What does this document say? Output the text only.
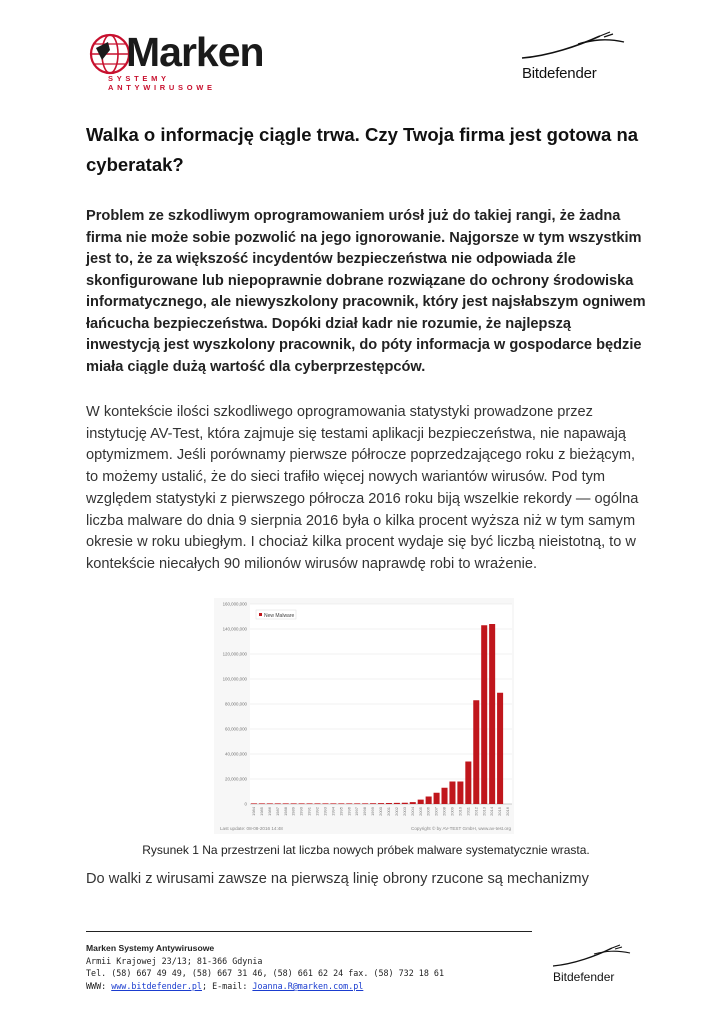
Marken
SYSTEMY ANTYWIRUSOWE
Bitdefender
Walka o informację ciągle trwa. Czy Twoja firma jest gotowa na cyberatak?

Problem ze szkodliwym oprogramowaniem urósł już do takiej rangi, że żadna firma nie może sobie pozwolić na jego ignorowanie. Najgorsze w tym wszystkim jest to, że za większość incydentów bezpieczeństwa nie odpowiada źle skonfigurowane lub niepoprawnie dobrane rozwiązane do ochrony środowiska informatycznego, ale niewyszkolony pracownik, który jest najsłabszym ogniwem łańcucha bezpieczeństwa. Dopóki dział kadr nie rozumie, że najlepszą inwestycją jest wyszkolony pracownik, do póty informacja w gospodarce będzie miała ciągle dużą wartość dla cyberprzestępców.

W kontekście ilości szkodliwego oprogramowania statystyki prowadzone przez instytucję AV-Test, która zajmuje się testami aplikacji bezpieczeństwa, nie napawają optymizmem. Jeśli porównamy pierwsze półrocze poprzedzającego roku z bieżącym, to możemy ustalić, że do sieci trafiło więcej nowych wariantów wirusów. Pod tym względem statystyki z pierwszego półrocza 2016 roku biją wszelkie rekordy — ogólna liczba malware do dnia 9 sierpnia 2016 była o kilka procent wyższa niż w tym samym okresie w roku ubiegłym. I chociaż kilka procent wydaje się być liczbą nieistotną, to w kontekście niecałych 90 milionów wirusów naprawdę robi to wrażenie.

0
20,000,000
40,000,000
60,000,000
80,000,000
100,000,000
120,000,000
140,000,000
160,000,000
1984 1985 1986 1987 1988 1989 1990 1991 1992 1993 1994 1995 1996 1997 1998 1999 2000 2001 2002 2003 2004 2005 2006 2007 2008 2009 2010 2011 2012 2013 2014 2015 2016
New Malware
Last update: 08-08-2016 14:48	Copyright © by AV-TEST GmbH, www.av-test.org
Rysunek 1 Na przestrzeni lat liczba nowych próbek malware systematycznie wrasta.

Do walki z wirusami zawsze na pierwszą linię obrony rzucone są mechanizmy

Marken Systemy Antywirusowe
Armii Krajowej 23/13; 81-366 Gdynia
Tel. (58) 667 49 49, (58) 667 31 46, (58) 661 62 24 fax. (58) 732 18 61
WWW: www.bitdefender.pl; E-mail: Joanna.R@marken.com.pl
Bitdefender
